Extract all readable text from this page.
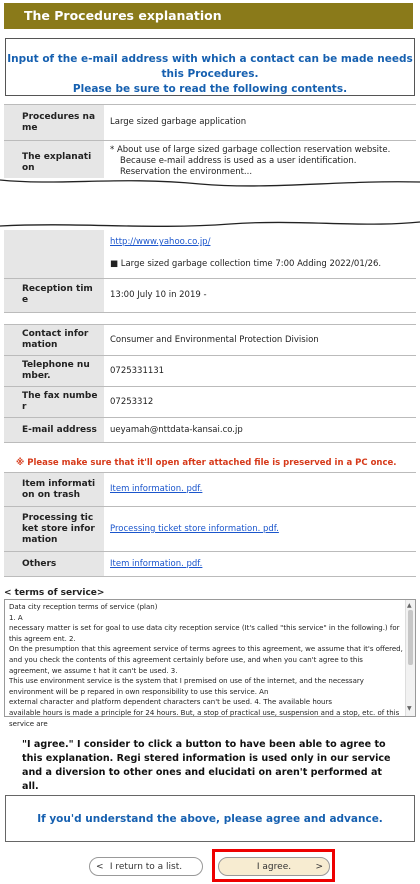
The Procedures explanation
Input of the e-mail address with which a contact can be made needs this Procedures.
Please be sure to read the following contents.
Procedures na me	Large sized garbage application
The explanati on	* About use of large sized garbage collection reservation website.
Because e-mail address is used as a user identification.
Reservation the environment...

	http://www.yahoo.co.jp/
■ Large sized garbage collection time 7:00 Adding 2022/01/26.

Reception tim e	13:00 July 10 in 2019 -
Contact infor mation	Consumer and Environmental Protection Division
Telephone nu mber.	0725331131
The fax numbe r	07253312
E-mail address	ueyamah@nttdata-kansai.co.jp
※ Please make sure that it'll open after attached file is preserved in a PC once.
Item informati on on trash	Item information. pdf.
Processing tic ket store infor mation	Processing ticket store information. pdf.
Others	Item information. pdf.
< terms of service>

Data city reception terms of service (plan)

1. A

necessary matter is set for goal to use data city reception service (It's called "this service" in the following.) for this agreem ent. 2.

On the presumption that this agreement service of terms agrees to this agreement, we assume that it's offered, and you check the contents of this agreement certainly before use, and when you can't agree to this agreement, we assume t hat it can't be used. 3.

This use environment service is the system that I premised on use of the internet, and the necessary environment will be p repared in own responsibility to use this service. An

external character and platform dependent characters can't be used. 4. The available hours

available hours is made a principle for 24 hours. But, a stop of practical use, suspension and a stop, etc. of this service are

▲
▼
"I agree." I consider to click a button to have been able to agree to this explanation. Regi stered information is used only in our service and a diversion to other ones and elucidati on aren't performed at all.
If you'd understand the above, please agree and advance.
< I return to a list.	I agree.	>
